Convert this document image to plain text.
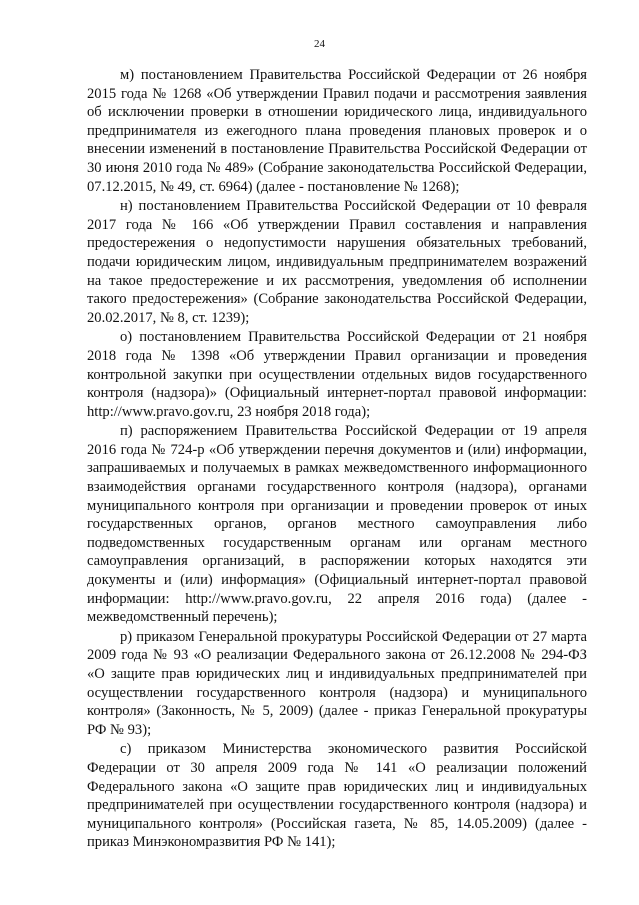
24

м) постановлением Правительства Российской Федерации от 26 ноября 2015 года № 1268 «Об утверждении Правил подачи и рассмотрения заявления об исключении проверки в отношении юридического лица, индивидуального предпринимателя из ежегодного плана проведения плановых проверок и о внесении изменений в постановление Правительства Российской Федерации от 30 июня 2010 года № 489» (Собрание законодательства Российской Федерации, 07.12.2015, № 49, ст. 6964) (далее - постановление № 1268);

н) постановлением Правительства Российской Федерации от 10 февраля 2017 года № 166 «Об утверждении Правил составления и направления предостережения о недопустимости нарушения обязательных требований, подачи юридическим лицом, индивидуальным предпринимателем возражений на такое предостережение и их рассмотрения, уведомления об исполнении такого предостережения» (Собрание законодательства Российской Федерации, 20.02.2017, № 8, ст. 1239);

о) постановлением Правительства Российской Федерации от 21 ноября 2018 года № 1398 «Об утверждении Правил организации и проведения контрольной закупки при осуществлении отдельных видов государственного контроля (надзора)» (Официальный интернет-портал правовой информации: http://www.pravo.gov.ru, 23 ноября 2018 года);

п) распоряжением Правительства Российской Федерации от 19 апреля 2016 года № 724-р «Об утверждении перечня документов и (или) информации, запрашиваемых и получаемых в рамках межведомственного информационного взаимодействия органами государственного контроля (надзора), органами муниципального контроля при организации и проведении проверок от иных государственных органов, органов местного самоуправления либо подведомственных государственным органам или органам местного самоуправления организаций, в распоряжении которых находятся эти документы и (или) информация» (Официальный интернет-портал правовой информации: http://www.pravo.gov.ru, 22 апреля 2016 года) (далее - межведомственный перечень);

р) приказом Генеральной прокуратуры Российской Федерации от 27 марта 2009 года № 93 «О реализации Федерального закона от 26.12.2008 № 294-ФЗ «О защите прав юридических лиц и индивидуальных предпринимателей при осуществлении государственного контроля (надзора) и муниципального контроля» (Законность, № 5, 2009) (далее - приказ Генеральной прокуратуры РФ № 93);

с) приказом Министерства экономического развития Российской Федерации от 30 апреля 2009 года № 141 «О реализации положений Федерального закона «О защите прав юридических лиц и индивидуальных предпринимателей при осуществлении государственного контроля (надзора) и муниципального контроля» (Российская газета, № 85, 14.05.2009) (далее - приказ Минэкономразвития РФ № 141);
